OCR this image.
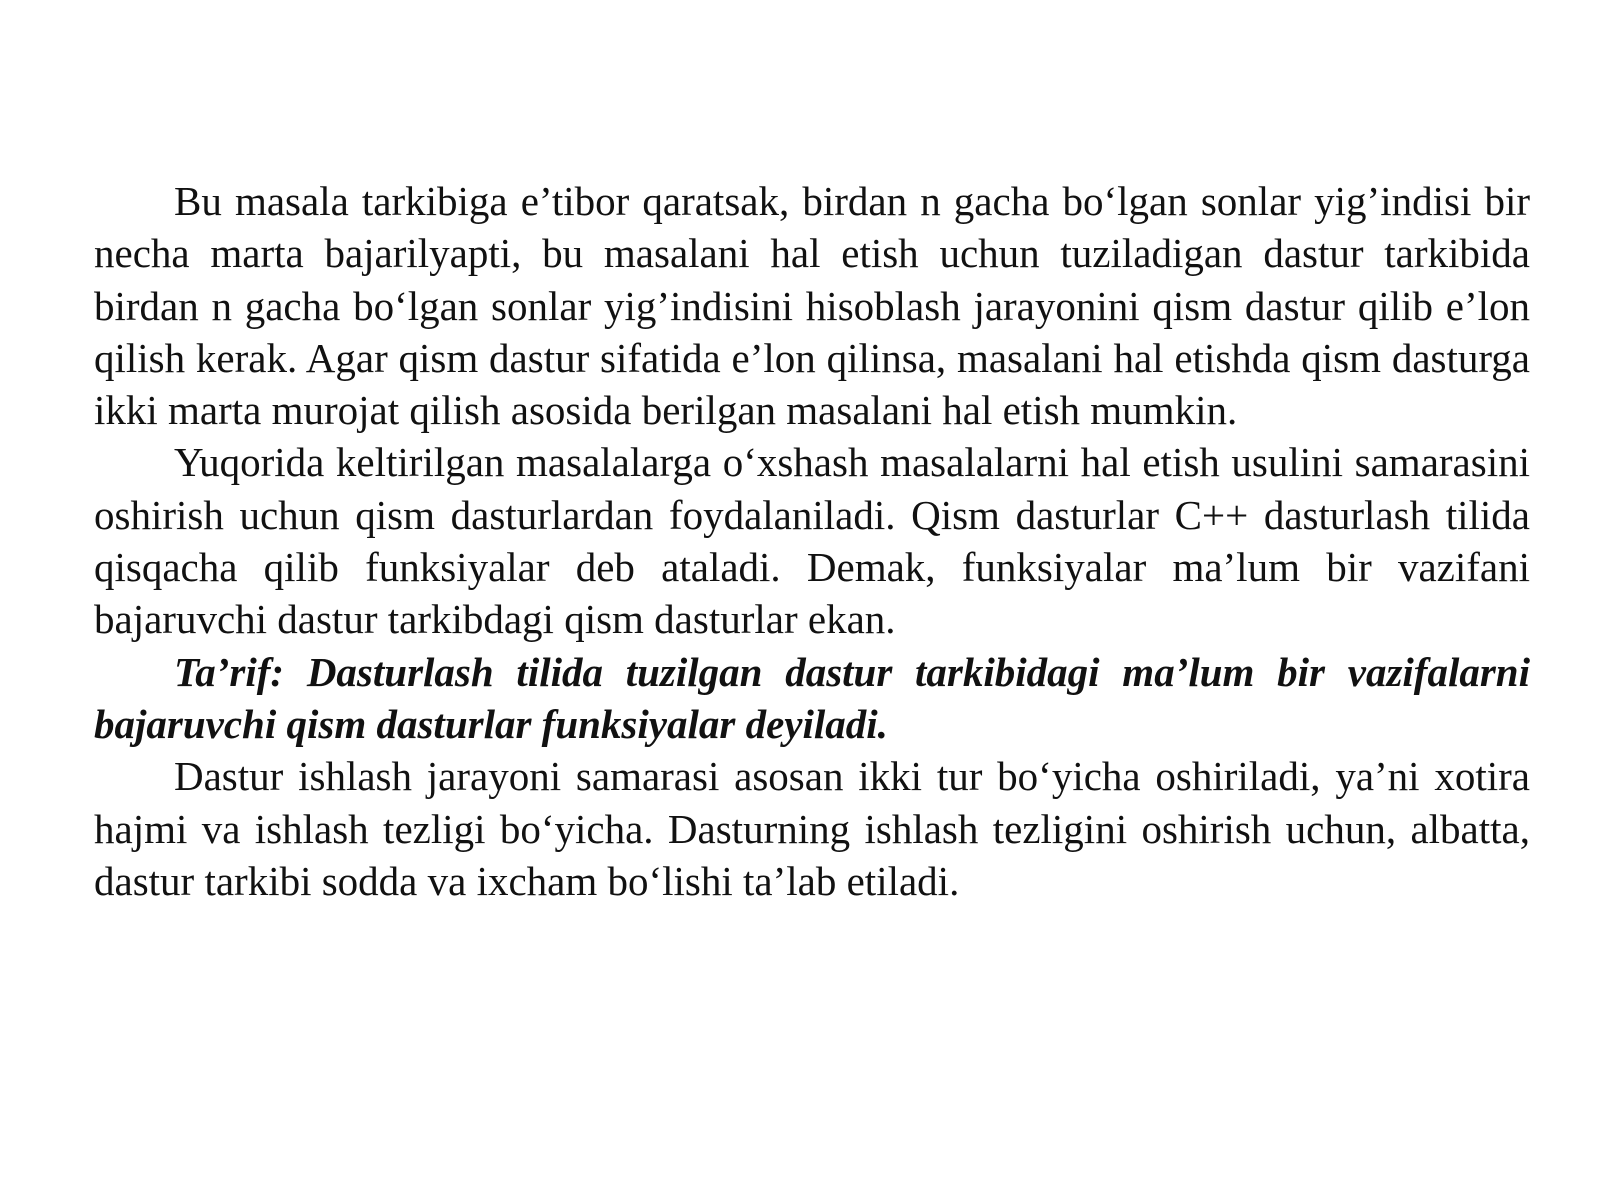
Bu masala tarkibiga e’tibor qaratsak, birdan n gacha bo‘lgan sonlar yig’indisi bir necha marta bajarilyapti, bu masalani hal etish uchun tuziladigan dastur tarkibida birdan n gacha bo‘lgan sonlar yig’indisini hisoblash jarayonini qism dastur qilib e’lon qilish kerak. Agar qism dastur sifatida e’lon qilinsa, masalani hal etishda qism dasturga ikki marta murojat qilish asosida berilgan masalani hal etish mumkin.

Yuqorida keltirilgan masalalarga o‘xshash masalalarni hal etish usulini samarasini oshirish uchun qism dasturlardan foydalaniladi. Qism dasturlar C++ dasturlash tilida qisqacha qilib funksiyalar deb ataladi. Demak, funksiyalar ma’lum bir vazifani bajaruvchi dastur tarkibdagi qism dasturlar ekan.

Ta’rif: Dasturlash tilida tuzilgan dastur tarkibidagi ma’lum bir vazifalarni bajaruvchi qism dasturlar funksiyalar deyiladi.

Dastur ishlash jarayoni samarasi asosan ikki tur bo‘yicha oshiriladi, ya’ni xotira hajmi va ishlash tezligi bo‘yicha. Dasturning ishlash tezligini oshirish uchun, albatta, dastur tarkibi sodda va ixcham bo‘lishi ta’lab etiladi.
